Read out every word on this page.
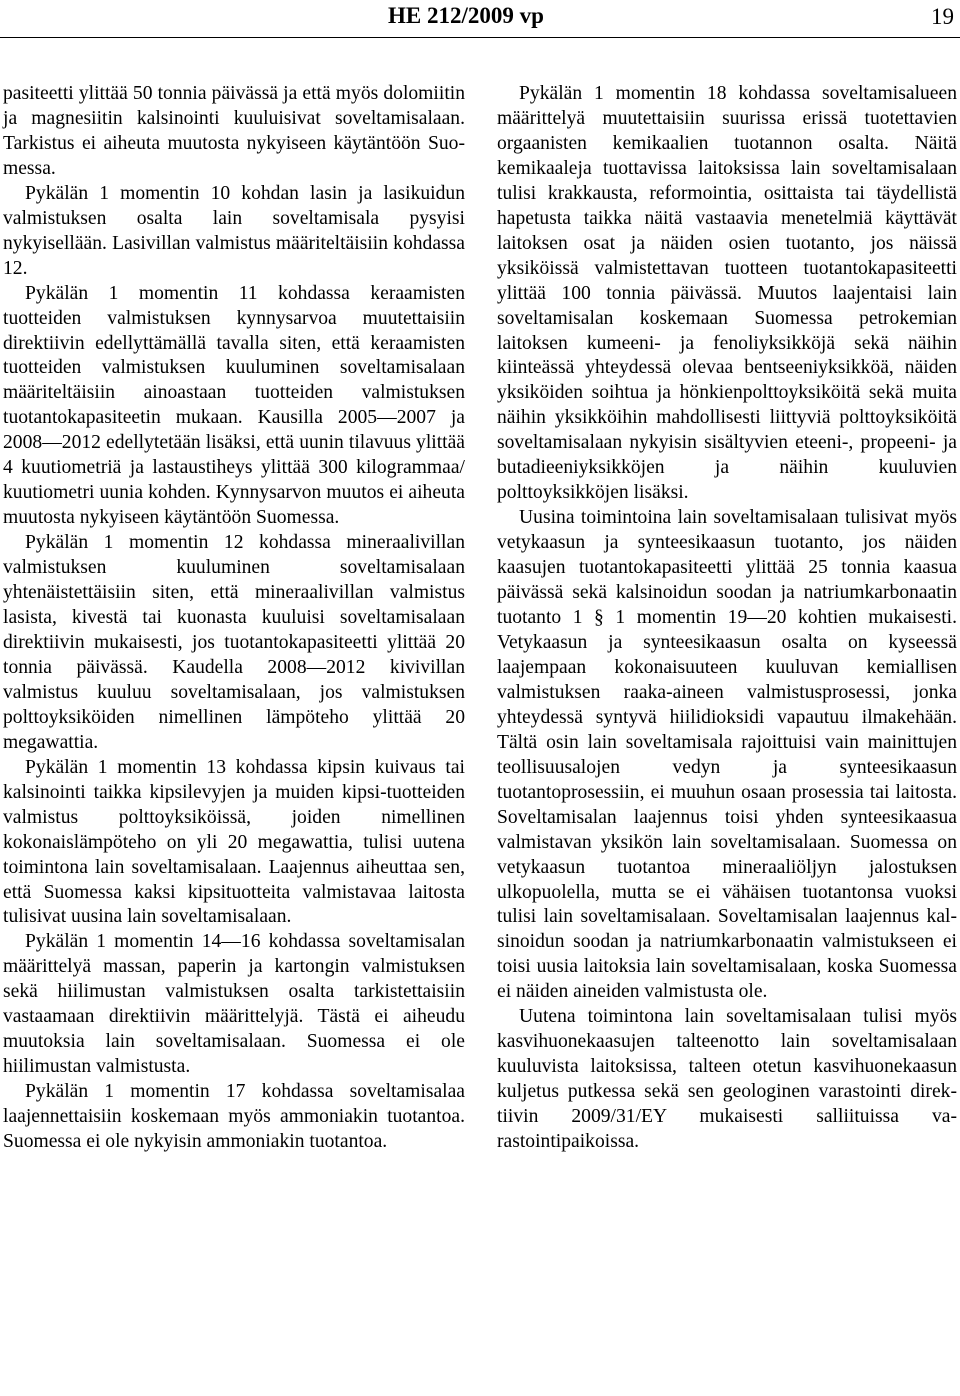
HE 212/2009 vp	19

pasiteetti ylittää 50 tonnia päivässä ja että myös dolomiitin ja magnesiitin kalsinointi kuuluisivat soveltamisalaan. Tarkistus ei aiheuta muutosta nykyiseen käytäntöön Suomessa.

Pykälän 1 momentin 10 kohdan lasin ja lasikuidun valmistuksen osalta lain soveltamisala pysyisi nykyisellään. Lasivillan valmistus määriteltäisiin kohdassa 12.

Pykälän 1 momentin 11 kohdassa keraamisten tuotteiden valmistuksen kynnysarvoa muutettaisiin direktiivin edellyttämällä tavalla siten, että keraamisten tuotteiden valmistuksen kuuluminen soveltamisalaan määriteltäisiin ainoastaan tuotteiden valmistuksen tuotantokapasiteetin mukaan. Kausilla 2005—2007 ja 2008—2012 edellytetään lisäksi, että uunin tilavuus ylittää 4 kuutiometriä ja lastaustiheys ylittää 300 kilogrammaa/ kuutiometri uunia kohden. Kynnysarvon muutos ei aiheuta muutosta nykyiseen käytäntöön Suomessa.

Pykälän 1 momentin 12 kohdassa mineraalivillan valmistuksen kuuluminen soveltamisalaan yhtenäistettäisiin siten, että mineraalivillan valmistus lasista, kivestä tai kuonasta kuuluisi soveltamisalaan direktiivin mukaisesti, jos tuotantokapasiteetti ylittää 20 tonnia päivässä. Kaudella 2008—2012 kivivillan valmistus kuuluu soveltamisalaan, jos valmistuksen polttoyksiköiden nimellinen lämpöteho ylittää 20 megawattia.

Pykälän 1 momentin 13 kohdassa kipsin kuivaus tai kalsinointi taikka kipsilevyjen ja muiden kipsi-tuotteiden valmistus polttoyksiköissä, joiden nimellinen kokonaislämpöteho on yli 20 megawattia, tulisi uutena toimintona lain soveltamisalaan. Laajennus aiheuttaa sen, että Suomessa kaksi kipsituotteita valmistavaa laitosta tulisivat uusina lain soveltamisalaan.

Pykälän 1 momentin 14—16 kohdassa soveltamisalan määrittelyä massan, paperin ja kartongin valmistuksen sekä hiilimustan valmistuksen osalta tarkistettaisiin vastaamaan direktiivin määrittelyjä. Tästä ei aiheudu muutoksia lain soveltamisalaan. Suomessa ei ole hiilimustan valmistusta.

Pykälän 1 momentin 17 kohdassa soveltamisalaa laajennettaisiin koskemaan myös ammoniakin tuotantoa. Suomessa ei ole nykyisin ammoniakin tuotantoa.

Pykälän 1 momentin 18 kohdassa soveltamisalueen määrittelyä muutettaisiin suurissa erissä tuotettavien orgaanisten kemikaalien tuotannon osalta. Näitä kemikaaleja tuottavissa laitoksissa lain soveltamisalaan tulisi krakkausta, reformointia, osittaista tai täydellistä hapetusta taikka näitä vastaavia menetelmiä käyttävät laitoksen osat ja näiden osien tuotanto, jos näissä yksiköissä valmistettavan tuotteen tuotantokapasiteetti ylittää 100 tonnia päivässä. Muutos laajentaisi lain soveltamisalan koskemaan Suomessa petrokemian laitoksen kumeeni- ja fenoliyksikköjä sekä näihin kiinteässä yhteydessä olevaa bentseeniyksikköä, näiden yksiköiden soihtua ja hönkienpolttoyksiköitä sekä muita näihin yksikköihin mahdollisesti liittyviä polttoyksiköitä soveltamisalaan nykyisin sisältyvien eteeni-, propeeni- ja butadieeniyksikköjen ja näihin kuuluvien polttoyksikköjen lisäksi.

Uusina toimintoina lain soveltamisalaan tulisivat myös vetykaasun ja synteesikaasun tuotanto, jos näiden kaasujen tuotantokapasiteetti ylittää 25 tonnia kaasua päivässä sekä kalsinoidun soodan ja natriumkarbonaatin tuotanto 1 § 1 momentin 19—20 kohtien mukaisesti. Vetykaasun ja synteesikaasun osalta on kyseessä laajempaan kokonaisuuteen kuuluvan kemiallisen valmistuksen raaka-aineen valmistusprosessi, jonka yhteydessä syntyvä hiilidioksidi vapautuu ilmakehään. Tältä osin lain soveltamisala rajoittuisi vain mainittujen teollisuusalojen vedyn ja synteesikaasun tuotantoprosessiin, ei muuhun osaan prosessia tai laitosta. Soveltamisalan laajennus toisi yhden synteesikaasua valmistavan yksikön lain soveltamisalaan. Suomessa on vetykaasun tuotantoa mineraaliöljyn jalostuksen ulkopuolella, mutta se ei vähäisen tuotantonsa vuoksi tulisi lain soveltamisalaan. Soveltamisalan laajennus kalsinoidun soodan ja natriumkarbonaatin valmistukseen ei toisi uusia laitoksia lain soveltamisalaan, koska Suomessa ei näiden aineiden valmistusta ole.

Uutena toimintona lain soveltamisalaan tulisi myös kasvihuonekaasujen talteenotto lain soveltamisalaan kuuluvista laitoksissa, talteen otetun kasvihuonekaasun kuljetus putkessa sekä sen geologinen varastointi direktiivin 2009/31/EY mukaisesti salliituissa varastointipaikoissa.
